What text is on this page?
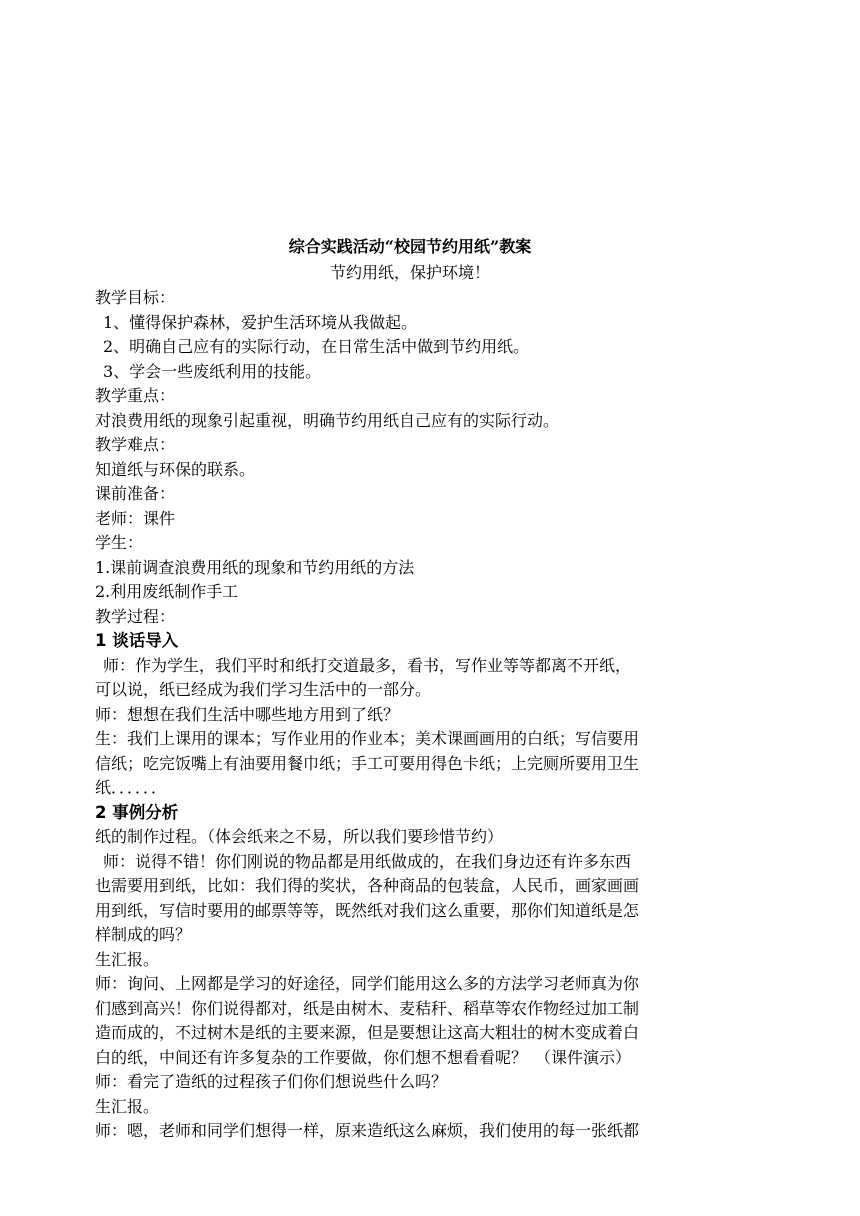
综合实践活动“校园节约用纸”教案

节约用纸，保护环境！

教学目标：

1、懂得保护森林，爱护生活环境从我做起。

2、明确自己应有的实际行动，在日常生活中做到节约用纸。

3、学会一些废纸利用的技能。

教学重点：

对浪费用纸的现象引起重视，明确节约用纸自己应有的实际行动。

教学难点：

知道纸与环保的联系。

课前准备：

老师：课件

学生：

1.课前调查浪费用纸的现象和节约用纸的方法

2.利用废纸制作手工

教学过程：

1 谈话导入

师：作为学生，我们平时和纸打交道最多，看书，写作业等等都离不开纸，
可以说，纸已经成为我们学习生活中的一部分。

师：想想在我们生活中哪些地方用到了纸？

生：我们上课用的课本；写作业用的作业本；美术课画画用的白纸；写信要用
信纸；吃完饭嘴上有油要用餐巾纸；手工可要用得色卡纸；上完厕所要用卫生
纸．．．．．．

2 事例分析

纸的制作过程。（体会纸来之不易，所以我们要珍惜节约）

师：说得不错！你们刚说的物品都是用纸做成的，在我们身边还有许多东西
也需要用到纸，比如：我们得的奖状，各种商品的包装盒，人民币，画家画画
用到纸，写信时要用的邮票等等，既然纸对我们这么重要，那你们知道纸是怎
样制成的吗？

生汇报。

师：询问、上网都是学习的好途径，同学们能用这么多的方法学习老师真为你
们感到高兴！你们说得都对，纸是由树木、麦秸秆、稻草等农作物经过加工制
造而成的，不过树木是纸的主要来源，但是要想让这高大粗壮的树木变成着白
白的纸，中间还有许多复杂的工作要做，你们想不想看看呢？　（课件演示）

师：看完了造纸的过程孩子们你们想说些什么吗？

生汇报。

师：嗯，老师和同学们想得一样，原来造纸这么麻烦，我们使用的每一张纸都
